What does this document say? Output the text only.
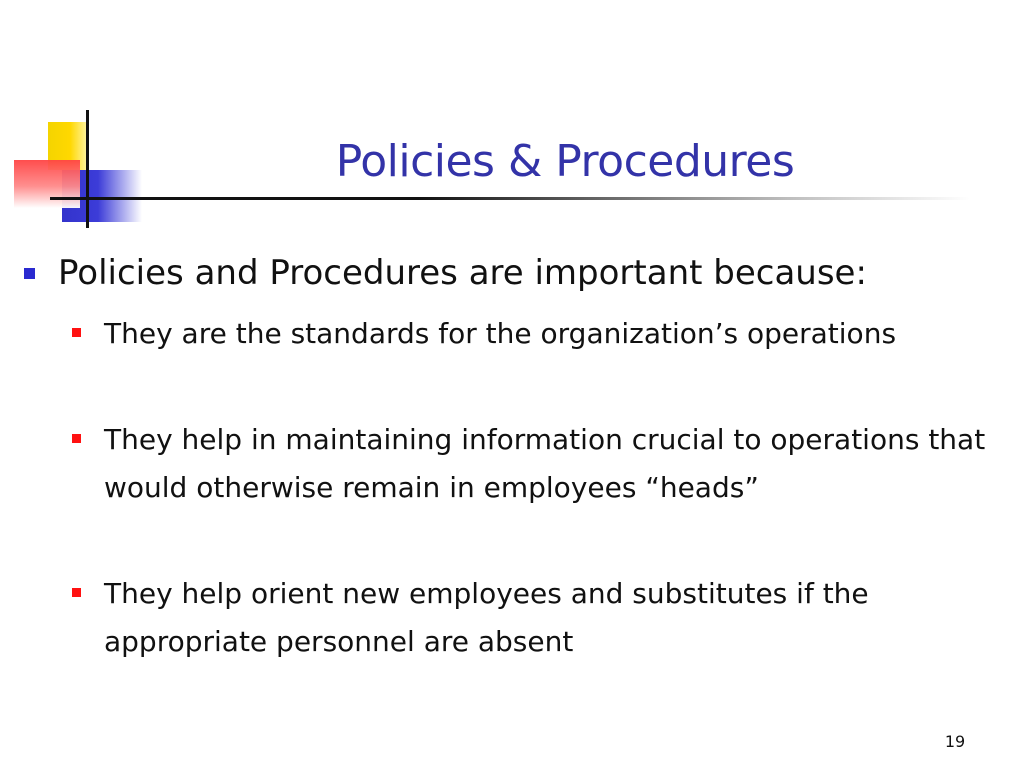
Policies & Procedures
Policies and Procedures are important because:
They are the standards for the organization’s operations
They help in maintaining information crucial to operations that would otherwise remain in employees “heads”
They help orient new employees and substitutes if the appropriate personnel are absent
19
